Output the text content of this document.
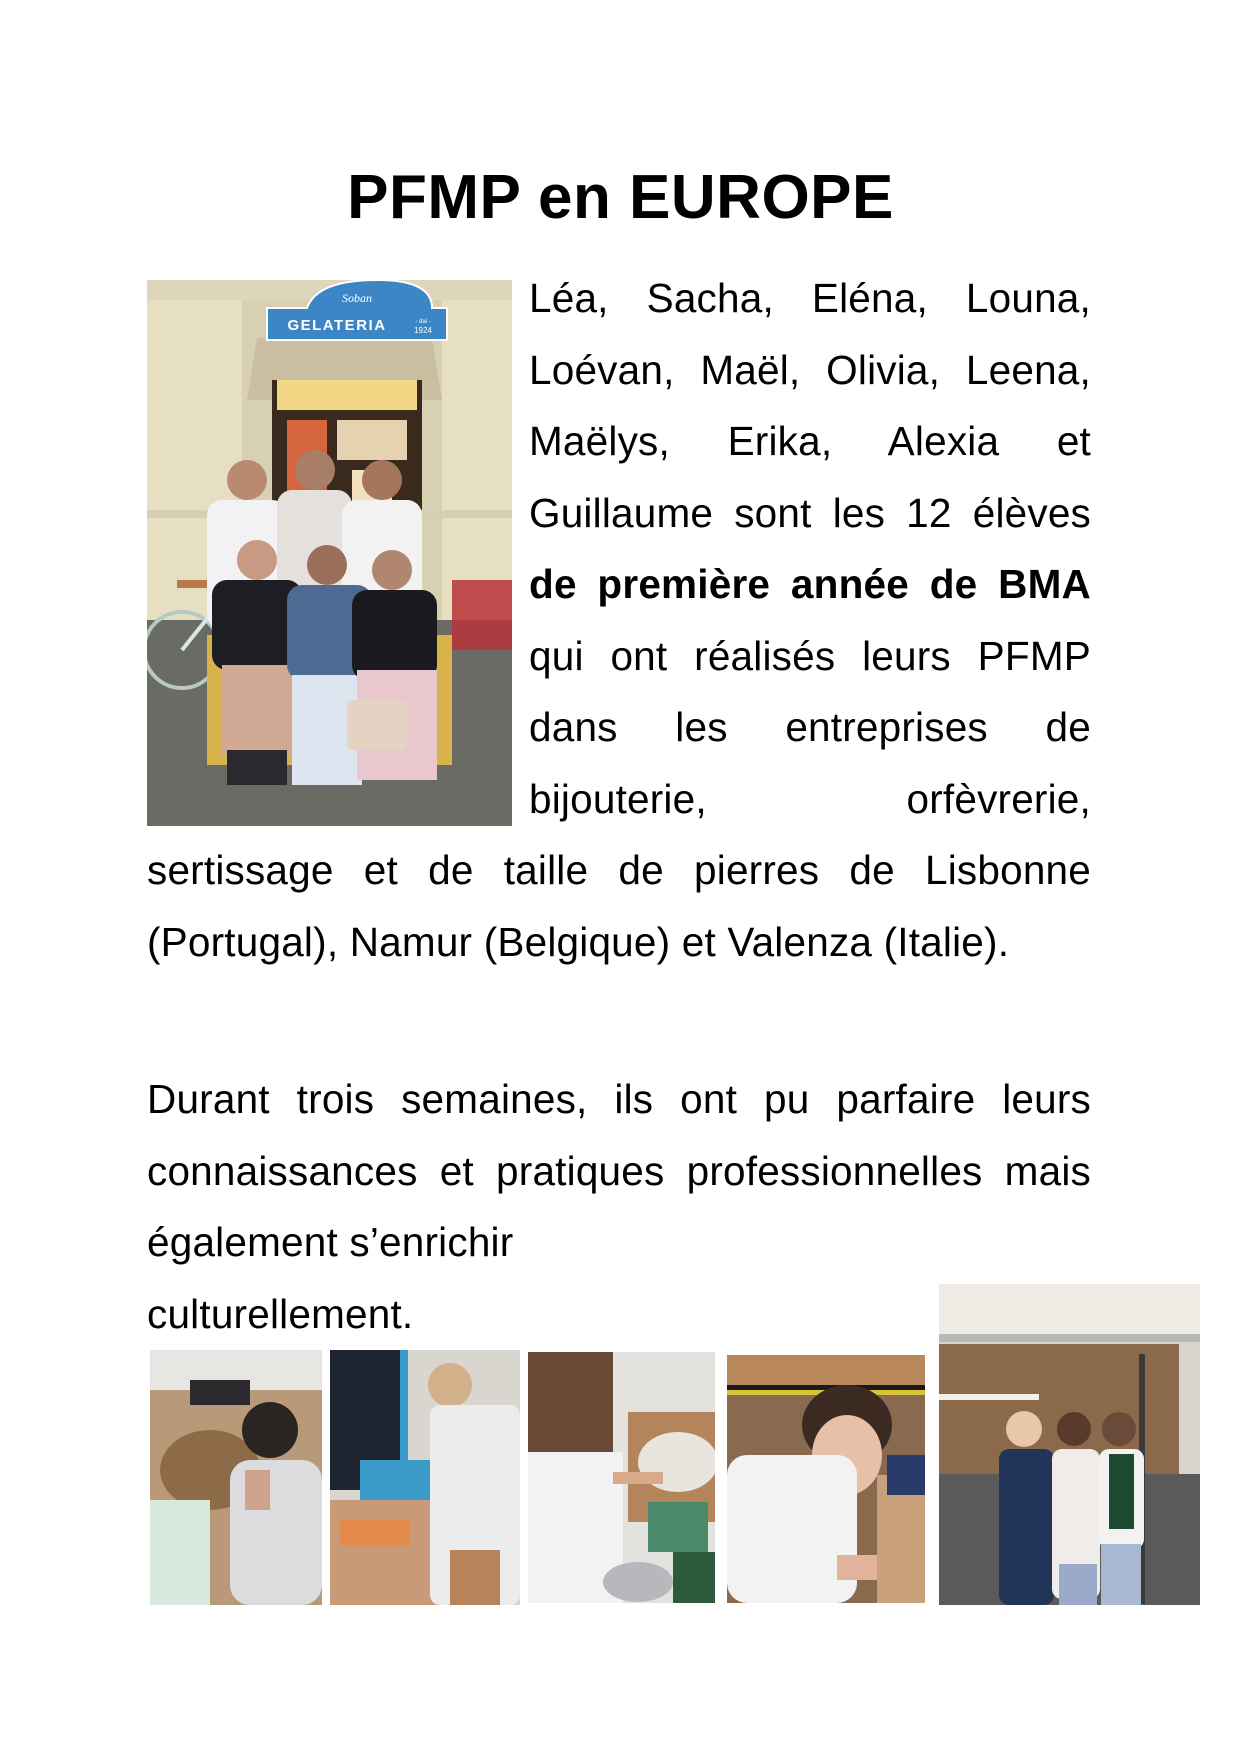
PFMP en EUROPE
Soban
GELATERIA	- dal -
1924
Léa, Sacha, Eléna, Louna, Loévan, Maël, Olivia, Leena, Maëlys, Erika, Alexia et Guillaume sont les 12 élèves de première année de BMA qui ont réalisés leurs PFMP dans les entreprises de bijouterie, orfèvrerie, sertissage et de taille de pierres de Lisbonne (Portugal), Namur (Belgique) et Valenza (Italie).
Durant trois semaines, ils ont pu parfaire leurs connaissances et pratiques professionnelles mais également s’enrichir
culturellement.
